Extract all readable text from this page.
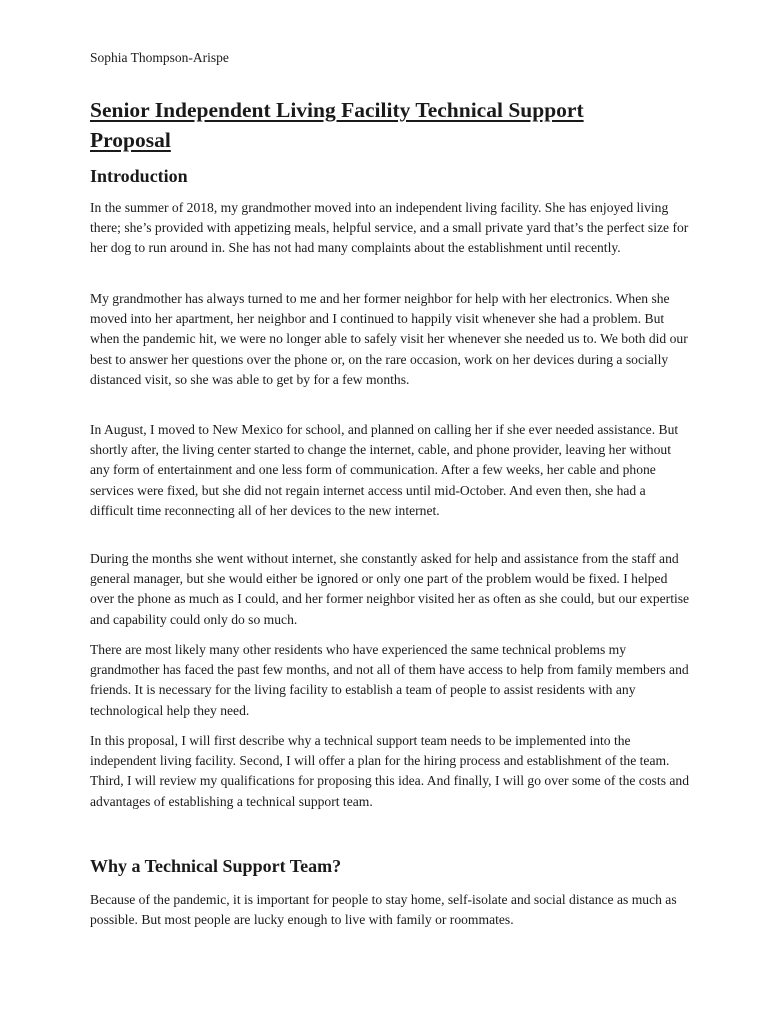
Sophia Thompson-Arispe

Senior Independent Living Facility Technical Support Proposal
Introduction

In the summer of 2018, my grandmother moved into an independent living facility. She has enjoyed living there; she’s provided with appetizing meals, helpful service, and a small private yard that’s the perfect size for her dog to run around in. She has not had many complaints about the establishment until recently.

My grandmother has always turned to me and her former neighbor for help with her electronics. When she moved into her apartment, her neighbor and I continued to happily visit whenever she had a problem. But when the pandemic hit, we were no longer able to safely visit her whenever she needed us to. We both did our best to answer her questions over the phone or, on the rare occasion, work on her devices during a socially distanced visit, so she was able to get by for a few months.

In August, I moved to New Mexico for school, and planned on calling her if she ever needed assistance. But shortly after, the living center started to change the internet, cable, and phone provider, leaving her without any form of entertainment and one less form of communication. After a few weeks, her cable and phone services were fixed, but she did not regain internet access until mid-October. And even then, she had a difficult time reconnecting all of her devices to the new internet.

During the months she went without internet, she constantly asked for help and assistance from the staff and general manager, but she would either be ignored or only one part of the problem would be fixed. I helped over the phone as much as I could, and her former neighbor visited her as often as she could, but our expertise and capability could only do so much.

There are most likely many other residents who have experienced the same technical problems my grandmother has faced the past few months, and not all of them have access to help from family members and friends. It is necessary for the living facility to establish a team of people to assist residents with any technological help they need.

In this proposal, I will first describe why a technical support team needs to be implemented into the independent living facility. Second, I will offer a plan for the hiring process and establishment of the team. Third, I will review my qualifications for proposing this idea. And finally, I will go over some of the costs and advantages of establishing a technical support team.

Why a Technical Support Team?

Because of the pandemic, it is important for people to stay home, self-isolate and social distance as much as possible. But most people are lucky enough to live with family or roommates.
